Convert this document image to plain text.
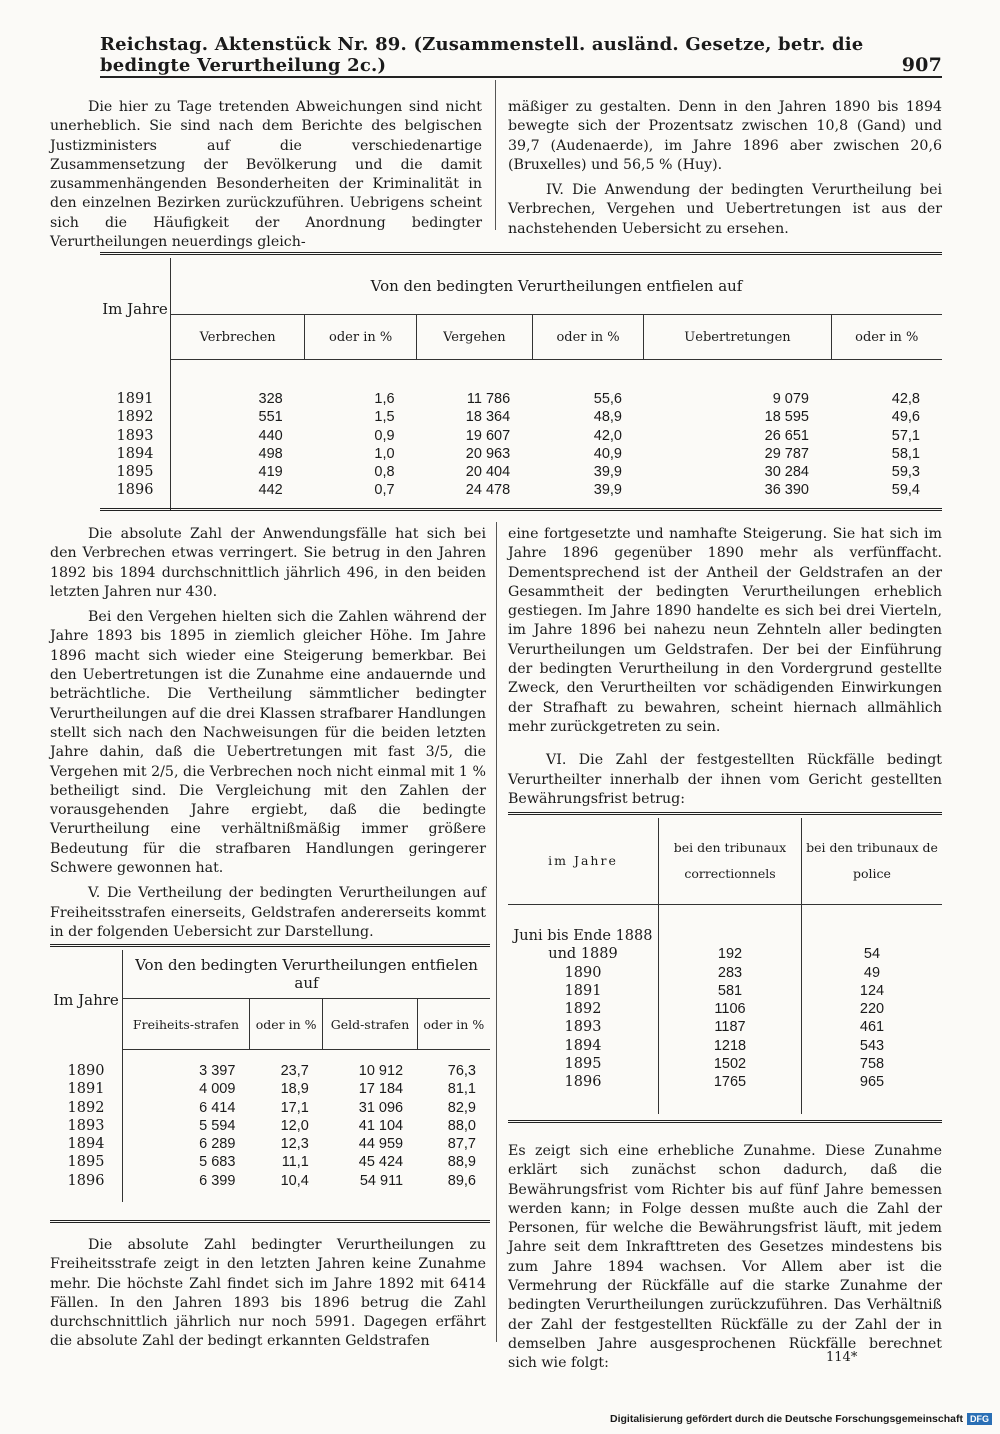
Reichstag. Aktenstück Nr. 89. (Zusammenstell. ausländ. Gesetze, betr. die bedingte Verurtheilung 2c.)	907

Die hier zu Tage tretenden Abweichungen sind nicht unerheblich. Sie sind nach dem Berichte des belgischen Justizministers auf die verschiedenartige Zusammensetzung der Bevölkerung und die damit zusammenhängenden Besonderheiten der Kriminalität in den einzelnen Bezirken zurückzuführen. Uebrigens scheint sich die Häufigkeit der Anordnung bedingter Verurtheilungen neuerdings gleich-

mäßiger zu gestalten. Denn in den Jahren 1890 bis 1894 bewegte sich der Prozentsatz zwischen 10,8 (Gand) und 39,7 (Audenaerde), im Jahre 1896 aber zwischen 20,6 (Bruxelles) und 56,5 % (Huy).

IV. Die Anwendung der bedingten Verurtheilung bei Verbrechen, Vergehen und Uebertretungen ist aus der nachstehenden Uebersicht zu ersehen.

Im Jahre	Von den bedingten Verurtheilungen entfielen auf					
	Verbrechen	oder in %	Vergehen	oder in %	Uebertretungen	oder in %

1891	328	1,6	11 786	55,6	9 079	42,8
1892	551	1,5	18 364	48,9	18 595	49,6
1893	440	0,9	19 607	42,0	26 651	57,1
1894	498	1,0	20 963	40,9	29 787	58,1
1895	419	0,8	20 404	39,9	30 284	59,3
1896	442	0,7	24 478	39,9	36 390	59,4

Die absolute Zahl der Anwendungsfälle hat sich bei den Verbrechen etwas verringert. Sie betrug in den Jahren 1892 bis 1894 durchschnittlich jährlich 496, in den beiden letzten Jahren nur 430.

Bei den Vergehen hielten sich die Zahlen während der Jahre 1893 bis 1895 in ziemlich gleicher Höhe. Im Jahre 1896 macht sich wieder eine Steigerung bemerkbar. Bei den Uebertretungen ist die Zunahme eine andauernde und beträchtliche. Die Vertheilung sämmtlicher bedingter Verurtheilungen auf die drei Klassen strafbarer Handlungen stellt sich nach den Nachweisungen für die beiden letzten Jahre dahin, daß die Uebertretungen mit fast 3/5, die Vergehen mit 2/5, die Verbrechen noch nicht einmal mit 1 % betheiligt sind. Die Vergleichung mit den Zahlen der vorausgehenden Jahre ergiebt, daß die bedingte Verurtheilung eine verhältnißmäßig immer größere Bedeutung für die strafbaren Handlungen geringerer Schwere gewonnen hat.

V. Die Vertheilung der bedingten Verurtheilungen auf Freiheitsstrafen einerseits, Geldstrafen andererseits kommt in der folgenden Uebersicht zur Darstellung.

Im Jahre	Von den bedingten Verurtheilungen entfielen auf			
	Freiheits-strafen	oder in %	Geld-strafen	oder in %

1890	3 397	23,7	10 912	76,3
1891	4 009	18,9	17 184	81,1
1892	6 414	17,1	31 096	82,9
1893	5 594	12,0	41 104	88,0
1894	6 289	12,3	44 959	87,7
1895	5 683	11,1	45 424	88,9
1896	6 399	10,4	54 911	89,6

Die absolute Zahl bedingter Verurtheilungen zu Freiheitsstrafe zeigt in den letzten Jahren keine Zunahme mehr. Die höchste Zahl findet sich im Jahre 1892 mit 6414 Fällen. In den Jahren 1893 bis 1896 betrug die Zahl durchschnittlich jährlich nur noch 5991. Dagegen erfährt die absolute Zahl der bedingt erkannten Geldstrafen

eine fortgesetzte und namhafte Steigerung. Sie hat sich im Jahre 1896 gegenüber 1890 mehr als verfünffacht. Dementsprechend ist der Antheil der Geldstrafen an der Gesammtheit der bedingten Verurtheilungen erheblich gestiegen. Im Jahre 1890 handelte es sich bei drei Vierteln, im Jahre 1896 bei nahezu neun Zehnteln aller bedingten Verurtheilungen um Geldstrafen. Der bei der Einführung der bedingten Verurtheilung in den Vordergrund gestellte Zweck, den Verurtheilten vor schädigenden Einwirkungen der Strafhaft zu bewahren, scheint hiernach allmählich mehr zurückgetreten zu sein.

VI. Die Zahl der festgestellten Rückfälle bedingt Verurtheilter innerhalb der ihnen vom Gericht gestellten Bewährungsfrist betrug:

im Jahre	bei den tribunaux correctionnels	bei den tribunaux de police

Juni bis Ende 1888		
und 1889	192	54
1890	283	49
1891	581	124
1892	1106	220
1893	1187	461
1894	1218	543
1895	1502	758
1896	1765	965

Es zeigt sich eine erhebliche Zunahme. Diese Zunahme erklärt sich zunächst schon dadurch, daß die Bewährungsfrist vom Richter bis auf fünf Jahre bemessen werden kann; in Folge dessen mußte auch die Zahl der Personen, für welche die Bewährungsfrist läuft, mit jedem Jahre seit dem Inkrafttreten des Gesetzes mindestens bis zum Jahre 1894 wachsen. Vor Allem aber ist die Vermehrung der Rückfälle auf die starke Zunahme der bedingten Verurtheilungen zurückzuführen. Das Verhältniß der Zahl der festgestellten Rückfälle zu der Zahl der in demselben Jahre ausgesprochenen Rückfälle berechnet sich wie folgt:	114*
Digitalisierung gefördert durch die Deutsche Forschungsgemeinschaft DFG
